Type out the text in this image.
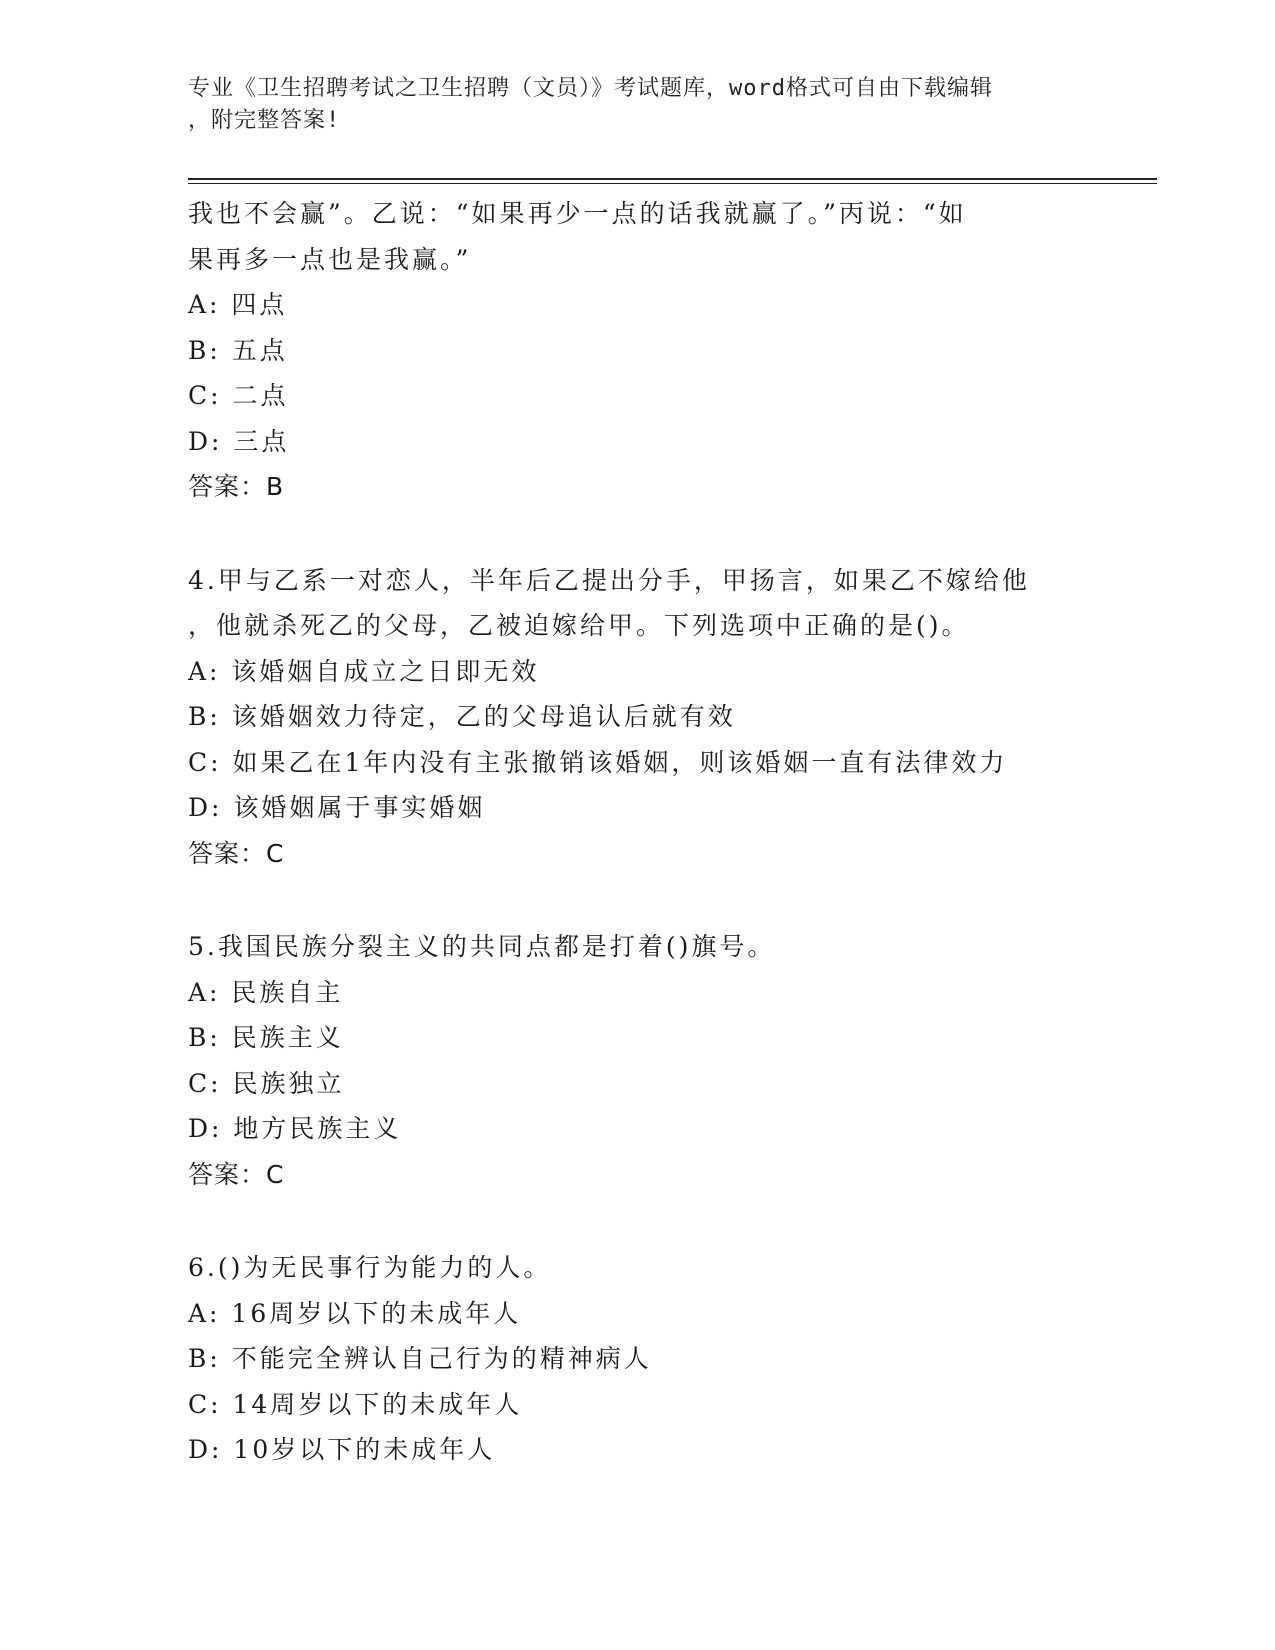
专业《卫生招聘考试之卫生招聘（文员）》考试题库，word格式可自由下载编辑
，附完整答案!
我也不会赢”。乙说：“如果再少一点的话我就赢了。”丙说：“如
果再多一点也是我赢。”
A: 四点
B: 五点
C: 二点
D: 三点
答案：B
4.甲与乙系一对恋人，半年后乙提出分手，甲扬言，如果乙不嫁给他
，他就杀死乙的父母，乙被迫嫁给甲。下列选项中正确的是()。
A: 该婚姻自成立之日即无效
B: 该婚姻效力待定，乙的父母追认后就有效
C: 如果乙在1年内没有主张撤销该婚姻，则该婚姻一直有法律效力
D: 该婚姻属于事实婚姻
答案：C
5.我国民族分裂主义的共同点都是打着()旗号。
A: 民族自主
B: 民族主义
C: 民族独立
D: 地方民族主义
答案：C
6.()为无民事行为能力的人。
A: 16周岁以下的未成年人
B: 不能完全辨认自己行为的精神病人
C: 14周岁以下的未成年人
D: 10岁以下的未成年人
